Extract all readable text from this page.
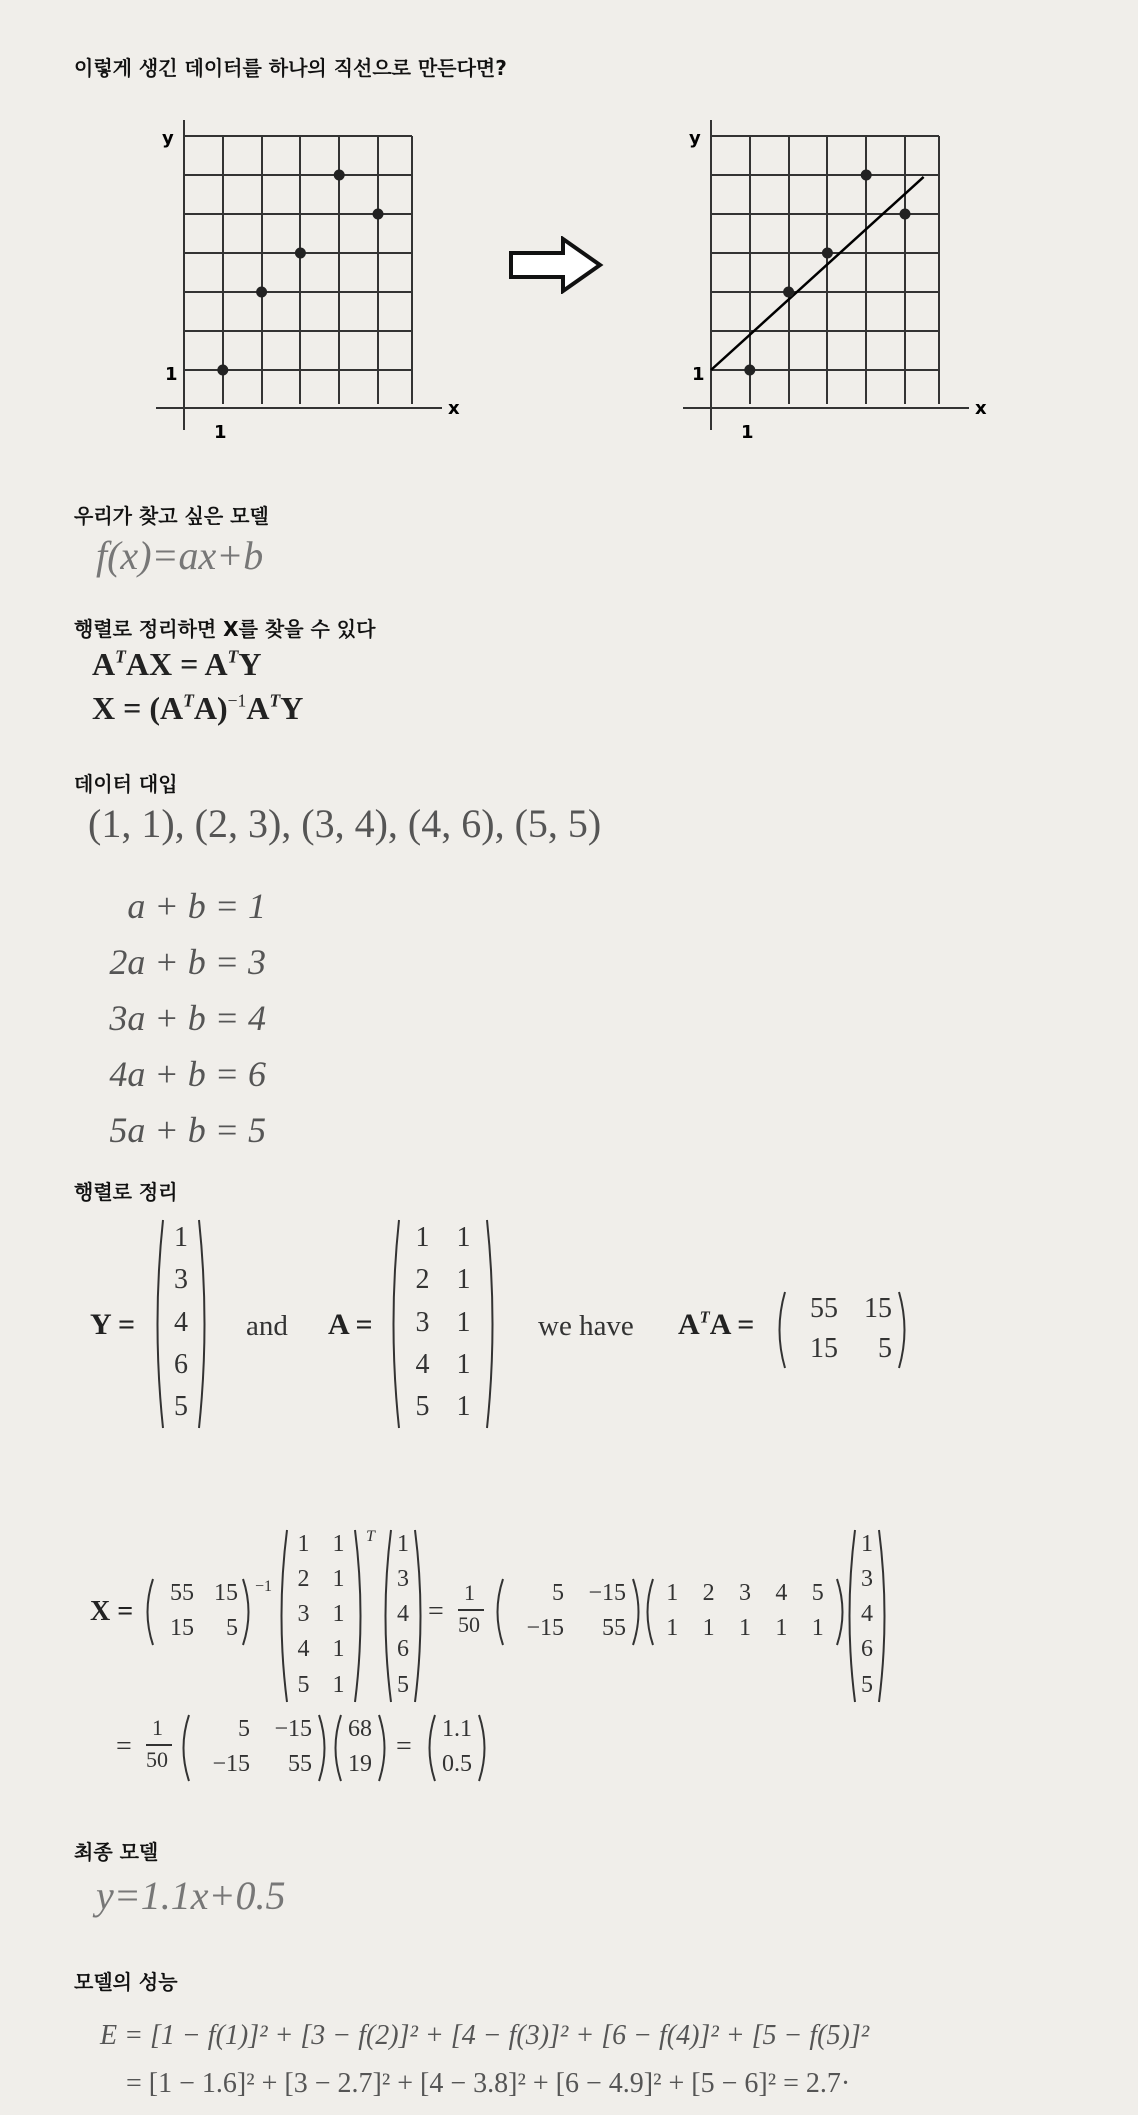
이렇게 생긴 데이터를 하나의 직선으로 만든다면?
y
x
1
1
y
x
1
1
우리가 찾고 싶은 모델
f(x)=ax+b
행렬로 정리하면 X를 찾을 수 있다
$A^TAX = A^TY$
$X = (A^TA)^{-1}A^TY$
데이터 대입
(1, 1), (2, 3), (3, 4), (4, 6), (5, 5)
a + b = 1
2a + b = 3
3a + b = 4
4a + b = 6
5a + b = 5
행렬로 정리
Y =
1
3
4
6
5
and A =
1 1
2 1
3 1
4 1
5 1
we have $A^TA$ =	55 15
15	5
X =
55 15
15	5
−1
1 1
2 1
3 1
4 1
5 1
T 1
3
4
6
5
=
1
50
5	−15
−15	55
1	2	3	4	5
1	1	1	1	1
1
3
4
6
5
=
1
50
5	−15
−15	55
68
19
=
1.1
0.5
최종 모델
y=1.1x+0.5
모델의 성능
E = [1 − f(1)]² + [3 − f(2)]² + [4 − f(3)]² + [6 − f(4)]² + [5 − f(5)]²
= [1 − 1.6]² + [3 − 2.7]² + [4 − 3.8]² + [6 − 4.9]² + [5 − 6]² = 2.7·
